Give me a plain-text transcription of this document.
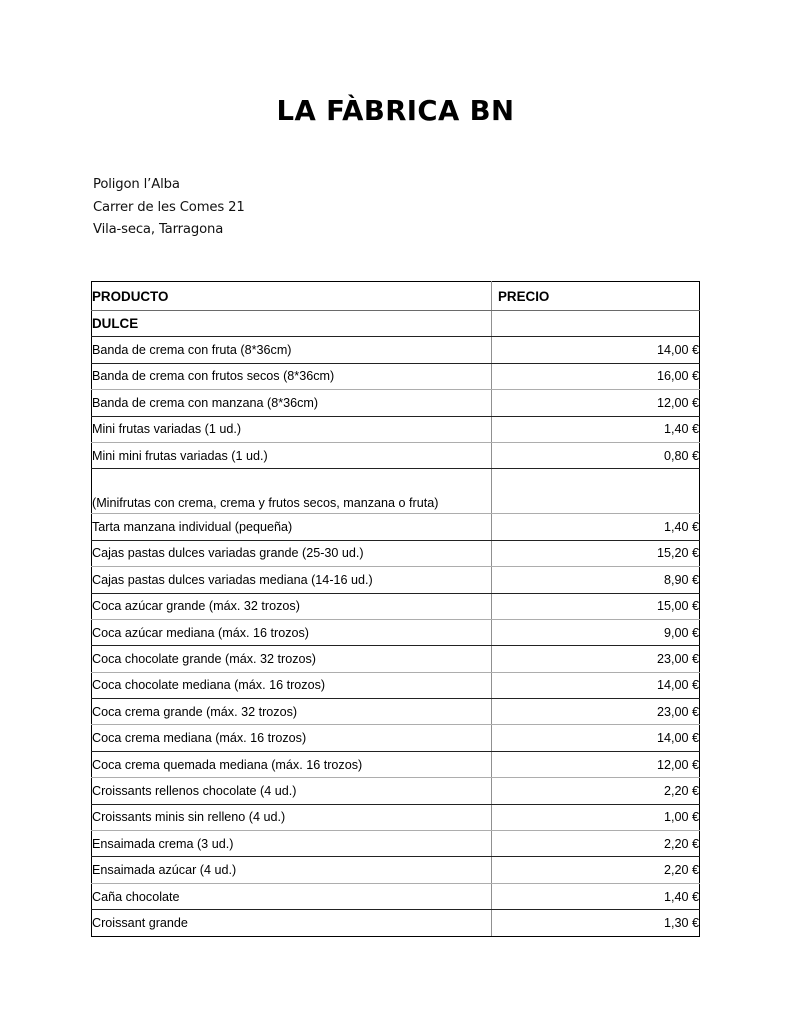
LA FÀBRICA BN
Poligon l’Alba
Carrer de les Comes 21
Vila-seca, Tarragona
PRODUCTO	PRECIO
DULCE	
Banda de crema con fruta (8*36cm)	14,00 €
Banda de crema con frutos secos (8*36cm)	16,00 €
Banda de crema con manzana (8*36cm)	12,00 €
Mini frutas variadas (1 ud.)	1,40 €
Mini mini frutas variadas (1 ud.)	0,80 €
(Minifrutas con crema, crema y frutos secos, manzana o fruta)	
Tarta manzana individual (pequeña)	1,40 €
Cajas pastas dulces variadas grande (25-30 ud.)	15,20 €
Cajas pastas dulces variadas mediana (14-16 ud.)	8,90 €
Coca azúcar grande (máx. 32 trozos)	15,00 €
Coca azúcar mediana (máx. 16 trozos)	9,00 €
Coca chocolate grande (máx. 32 trozos)	23,00 €
Coca chocolate mediana (máx. 16 trozos)	14,00 €
Coca crema grande (máx. 32 trozos)	23,00 €
Coca crema mediana (máx. 16 trozos)	14,00 €
Coca crema quemada mediana (máx. 16 trozos)	12,00 €
Croissants rellenos chocolate (4 ud.)	2,20 €
Croissants minis sin relleno (4 ud.)	1,00 €
Ensaimada crema (3 ud.)	2,20 €
Ensaimada azúcar (4 ud.)	2,20 €
Caña chocolate	1,40 €
Croissant grande	1,30 €
